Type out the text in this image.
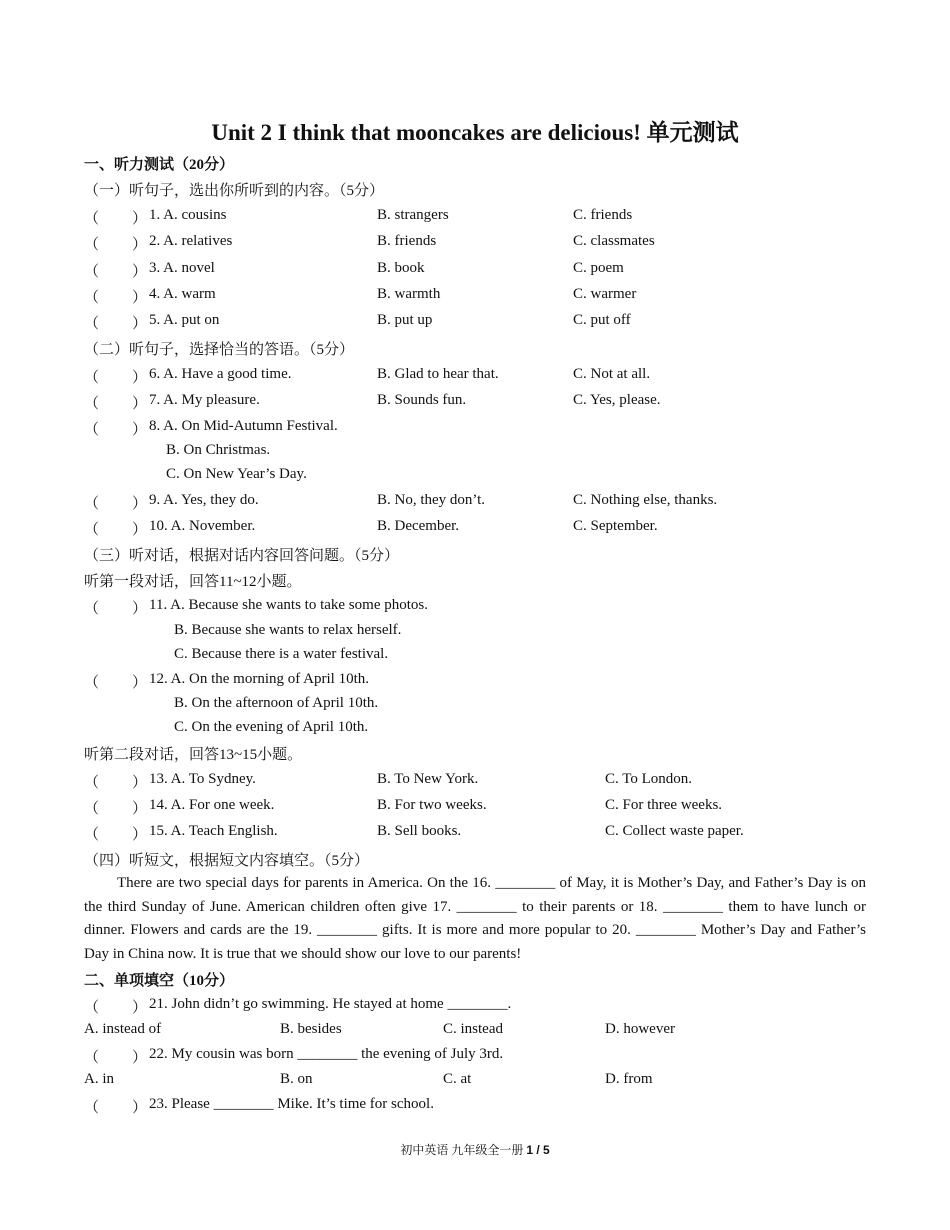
Unit 2 I think that mooncakes are delicious! 单元测试
一、听力测试（20分）
（一）听句子，选出你所听到的内容。（5分）
（ ） 1. A. cousins	B. strangers	C. friends
（ ） 2. A. relatives	B. friends	C. classmates
（ ） 3. A. novel	B. book	C. poem
（ ） 4. A. warm	B. warmth	C. warmer
（ ） 5. A. put on	B. put up	C. put off
（二）听句子，选择恰当的答语。（5分）
（ ） 6. A. Have a good time.	B. Glad to hear that.	C. Not at all.
（ ） 7. A. My pleasure.	B. Sounds fun.	C. Yes, please.
（ ） 8. A. On Mid-Autumn Festival.
B. On Christmas.
C. On New Year’s Day.
（ ） 9. A. Yes, they do.	B. No, they don’t.	C. Nothing else, thanks.
（ ） 10. A. November.	B. December.	C. September.
（三）听对话，根据对话内容回答问题。（5分）
听第一段对话，回答11~12小题。
（ ） 11. A. Because she wants to take some photos.
B. Because she wants to relax herself.
C. Because there is a water festival.
（ ） 12. A. On the morning of April 10th.
B. On the afternoon of April 10th.
C. On the evening of April 10th.
听第二段对话，回答13~15小题。
（ ） 13. A. To Sydney.	B. To New York.	C. To London.
（ ） 14. A. For one week.	B. For two weeks.	C. For three weeks.
（ ） 15. A. Teach English.	B. Sell books.	C. Collect waste paper.
（四）听短文，根据短文内容填空。（5分）
There are two special days for parents in America. On the 16. ________ of May, it is Mother’s Day, and Father’s Day is on the third Sunday of June. American children often give 17. ________ to their parents or 18. ________ them to have lunch or dinner. Flowers and cards are the 19. ________ gifts. It is more and more popular to 20. ________ Mother’s Day and Father’s Day in China now. It is true that we should show our love to our parents!
二、单项填空（10分）
（ ） 21. John didn’t go swimming. He stayed at home ________.
A. instead of	B. besides	C. instead	D. however
（ ） 22. My cousin was born ________ the evening of July 3rd.
A. in	B. on	C. at	D. from
（ ） 23. Please ________ Mike. It’s time for school.
初中英语 九年级全一册 1 / 5
